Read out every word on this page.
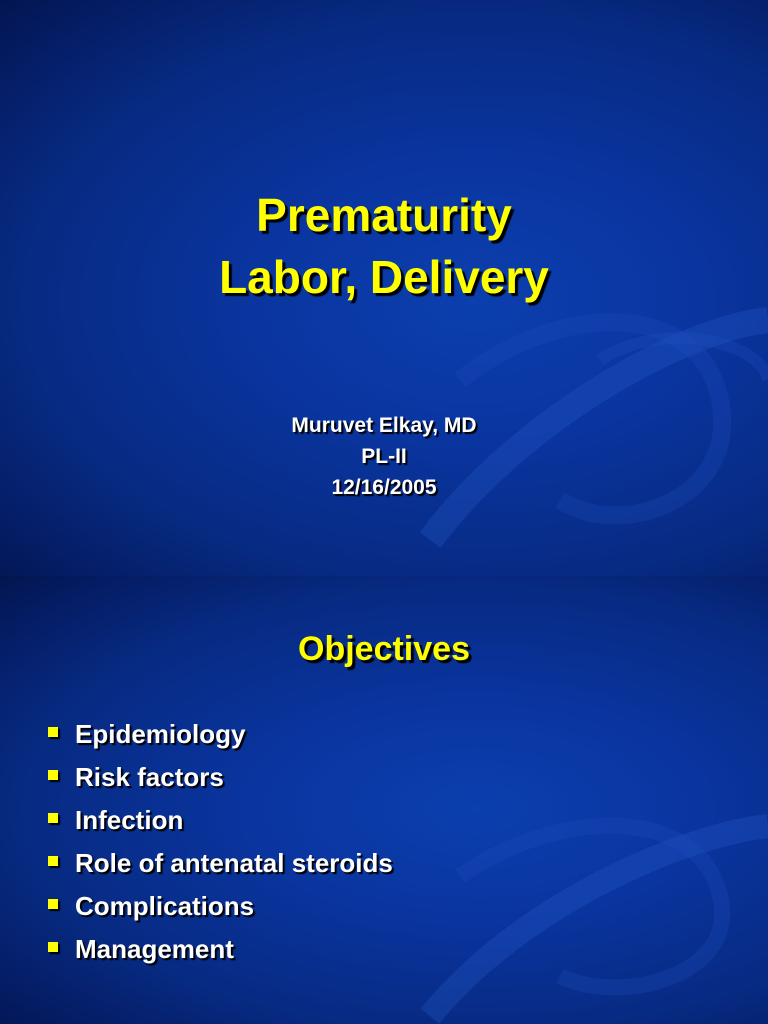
Prematurity
Labor, Delivery
Muruvet Elkay, MD
PL-II
12/16/2005
Objectives
Epidemiology
Risk factors
Infection
Role of antenatal steroids
Complications
Management
